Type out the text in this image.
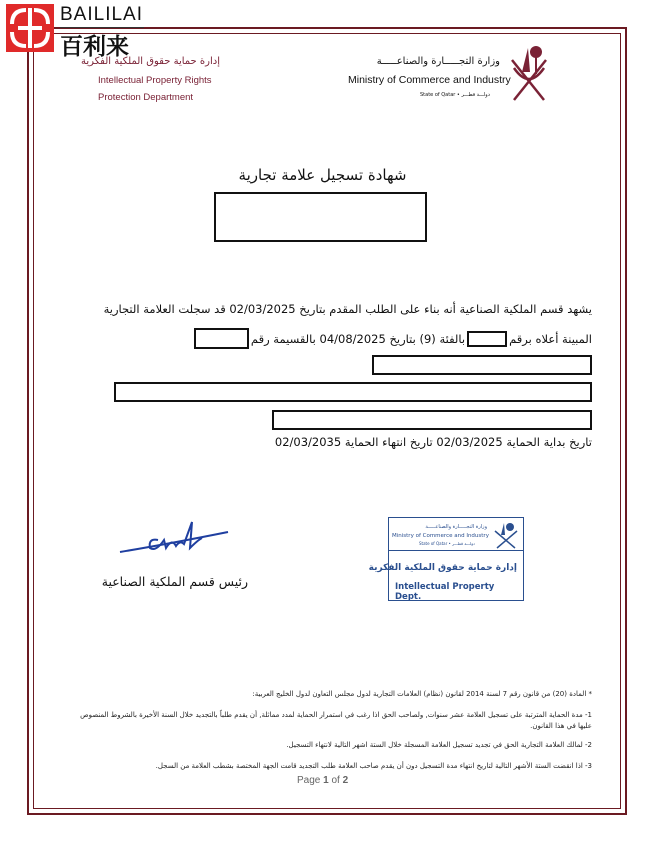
BAILILAI
百利来
إدارة حماية حقوق الملكية الفكرية
Intellectual Property Rights
Protection Department
وزارة التجـــــارة والصناعـــــة
Ministry of Commerce and Industry
State of Qatar • دولـــة قطـــر
شهادة تسجيل علامة تجارية
يشهد قسم الملكية الصناعية أنه بناء على الطلب المقدم بتاريخ 02/03/2025 قد سجلت العلامة التجارية
المبينة أعلاه برقم
بالفئة (9) بتاريخ 04/08/2025 بالقسيمة رقم
تاريخ بداية الحماية 02/03/2025 تاريخ انتهاء الحماية 02/03/2035
رئيس قسم الملكية الصناعية
وزارة التجـــــارة والصناعـــــة
Ministry of Commerce and Industry
State of Qatar • دولـــة قطـــر
إدارة حماية حقوق الملكية الفكرية
Intellectual Property Dept.
* المادة (20) من قانون رقم 7 لسنة 2014 لقانون (نظام) العلامات التجارية لدول مجلس التعاون لدول الخليج العربية:
1- مدة الحماية المترتبة على تسجيل العلامة عشر سنوات, ولصاحب الحق اذا رغب في استمرار الحماية لمدد مماثلة, أن يقدم طلباً بالتجديد خلال السنة الأخيرة بالشروط المنصوص عليها في هذا القانون.
2- لمالك العلامة التجارية الحق في تجديد تسجيل العلامة المسجلة خلال الستة اشهر التالية لانتهاء التسجيل.
3- اذا انقضت الستة الأشهر التالية لتاريخ انتهاء مدة التسجيل دون أن يقدم صاحب العلامة طلب التجديد قامت الجهة المختصة بشطب العلامة من السجل.
Page 1 of 2
